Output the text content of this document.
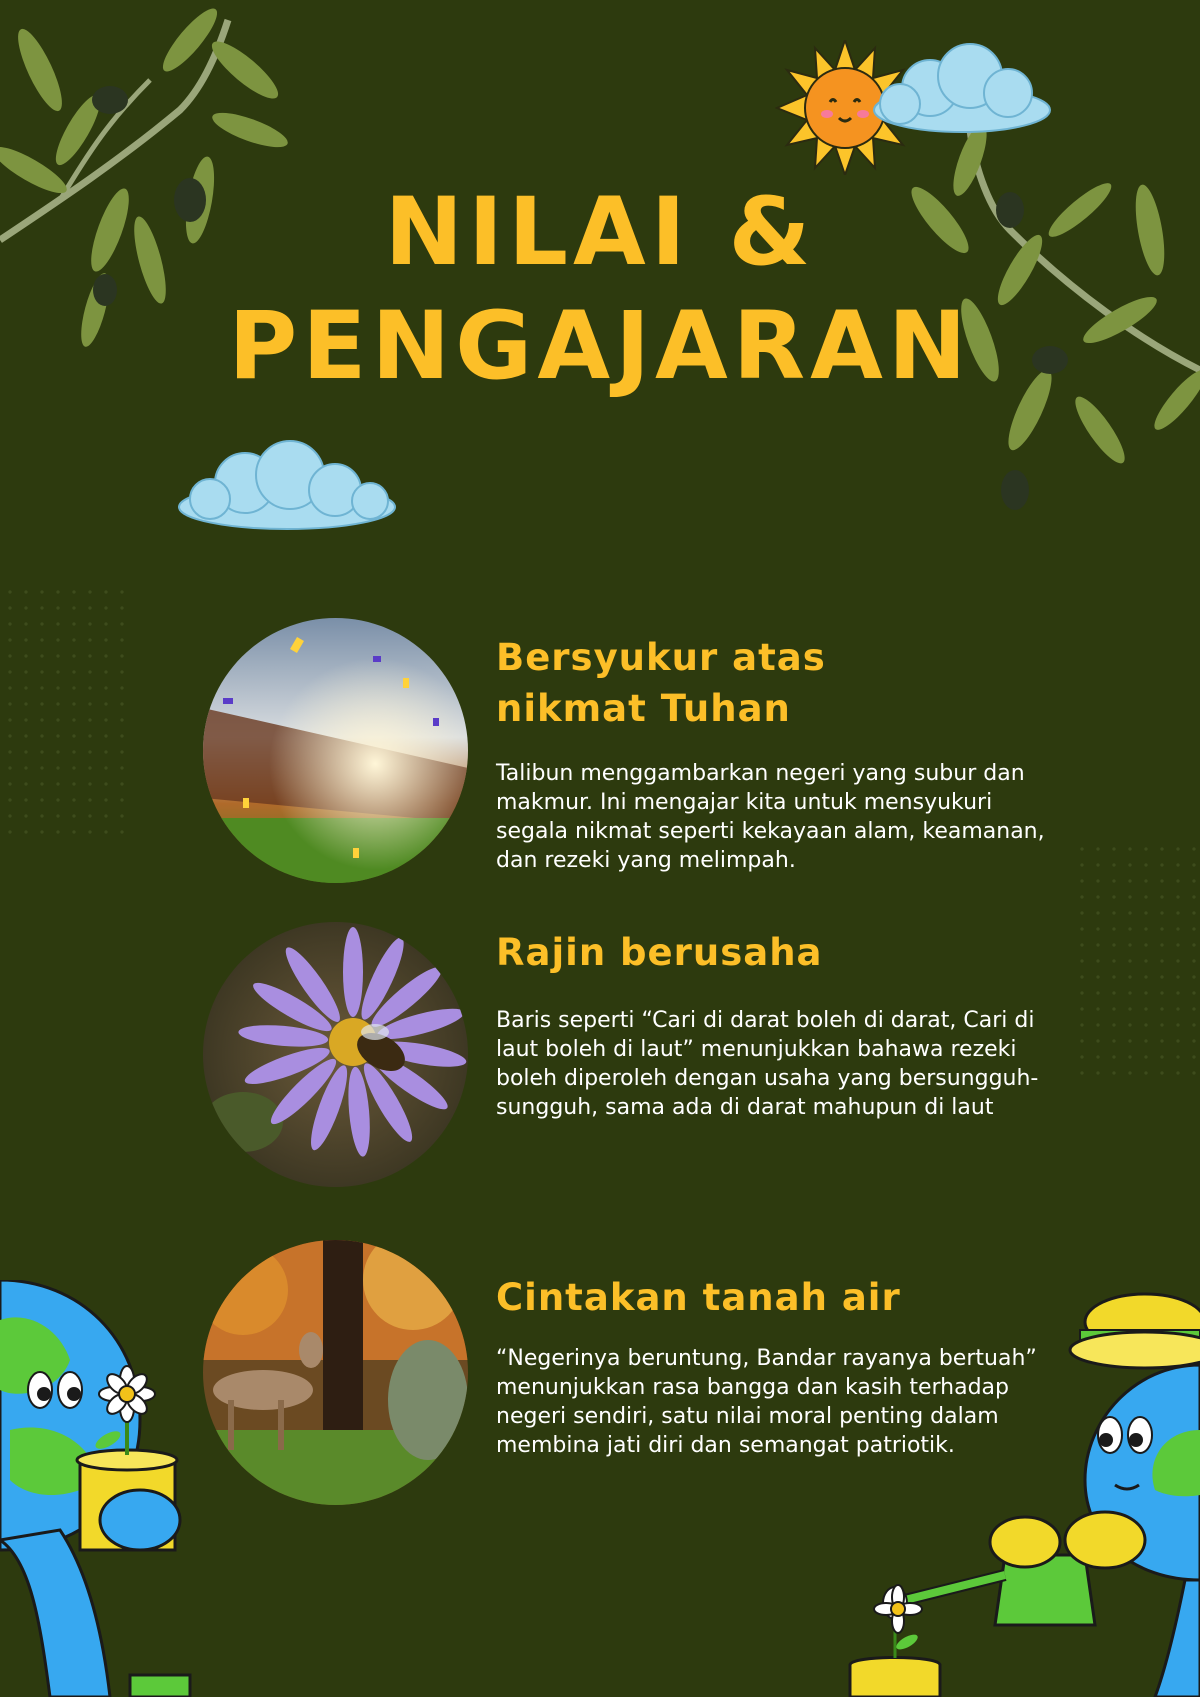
NILAI &
PENGAJARAN
Bersyukur atas
nikmat Tuhan

Talibun menggambarkan negeri yang subur dan makmur. Ini mengajar kita untuk mensyukuri segala nikmat seperti kekayaan alam, keamanan, dan rezeki yang melimpah.

Rajin berusaha

Baris seperti “Cari di darat boleh di darat, Cari di laut boleh di laut” menunjukkan bahawa rezeki boleh diperoleh dengan usaha yang bersungguh-sungguh, sama ada di darat mahupun di laut

Cintakan tanah air

“Negerinya beruntung, Bandar rayanya bertuah” menunjukkan rasa bangga dan kasih terhadap negeri sendiri, satu nilai moral penting dalam membina jati diri dan semangat patriotik.
